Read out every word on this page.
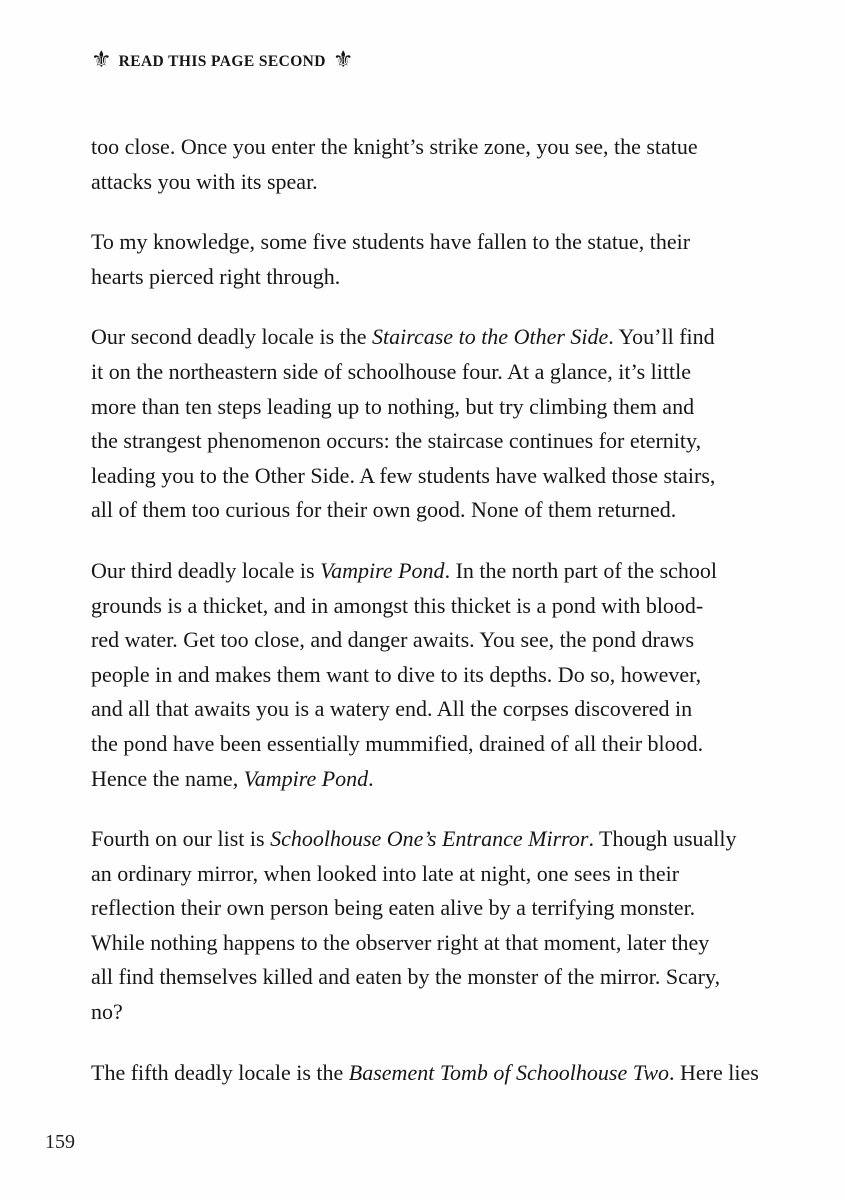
⚜ READ THIS PAGE SECOND ⚜

too close. Once you enter the knight’s strike zone, you see, the statue
attacks you with its spear.

To my knowledge, some five students have fallen to the statue, their
hearts pierced right through.

Our second deadly locale is the Staircase to the Other Side. You’ll find
it on the northeastern side of schoolhouse four. At a glance, it’s little
more than ten steps leading up to nothing, but try climbing them and
the strangest phenomenon occurs: the staircase continues for eternity,
leading you to the Other Side. A few students have walked those stairs,
all of them too curious for their own good. None of them returned.

Our third deadly locale is Vampire Pond. In the north part of the school
grounds is a thicket, and in amongst this thicket is a pond with blood-
red water. Get too close, and danger awaits. You see, the pond draws
people in and makes them want to dive to its depths. Do so, however,
and all that awaits you is a watery end. All the corpses discovered in
the pond have been essentially mummified, drained of all their blood.
Hence the name, Vampire Pond.

Fourth on our list is Schoolhouse One’s Entrance Mirror. Though usually
an ordinary mirror, when looked into late at night, one sees in their
reflection their own person being eaten alive by a terrifying monster.
While nothing happens to the observer right at that moment, later they
all find themselves killed and eaten by the monster of the mirror. Scary,
no?

The fifth deadly locale is the Basement Tomb of Schoolhouse Two. Here lies

159
